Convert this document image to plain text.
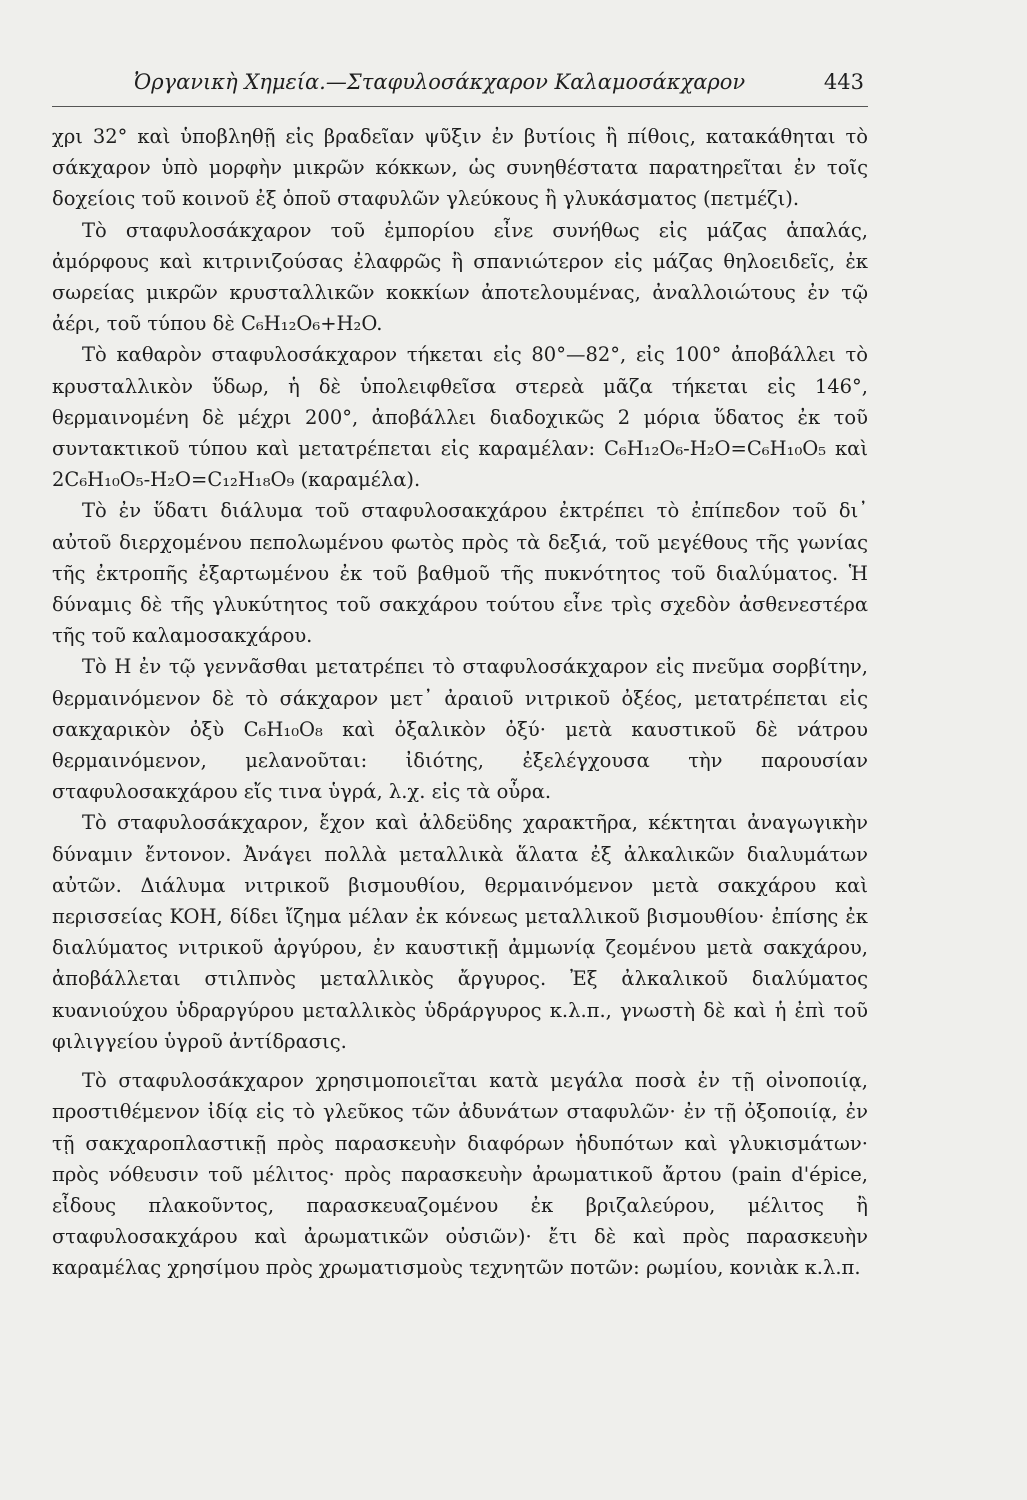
Ὀργανικὴ Χημεία.—Σταφυλοσάκχαρον Καλαμοσάκχαρον	443

χρι 32° καὶ ὑποβληθῇ εἰς βραδεῖαν ψῦξιν ἐν βυτίοις ἢ πίθοις, κατακάθηται τὸ σάκχαρον ὑπὸ μορφὴν μικρῶν κόκκων, ὡς συνηθέστατα παρατηρεῖται ἐν τοῖς δοχείοις τοῦ κοινοῦ ἐξ ὁποῦ σταφυλῶν γλεύκους ἢ γλυκάσματος (πετμέζι).

Τὸ σταφυλοσάκχαρον τοῦ ἐμπορίου εἶνε συνήθως εἰς μάζας ἁπαλάς, ἀμόρφους καὶ κιτρινιζούσας ἐλαφρῶς ἢ σπανιώτερον εἰς μάζας θηλοειδεῖς, ἐκ σωρείας μικρῶν κρυσταλλικῶν κοκκίων ἀποτελουμένας, ἀναλλοιώτους ἐν τῷ ἀέρι, τοῦ τύπου δὲ C₆H₁₂O₆+H₂O.

Τὸ καθαρὸν σταφυλοσάκχαρον τήκεται εἰς 80°—82°, εἰς 100° ἀποβάλλει τὸ κρυσταλλικὸν ὕδωρ, ἡ δὲ ὑπολειφθεῖσα στερεὰ μᾶζα τήκεται εἰς 146°, θερμαινομένη δὲ μέχρι 200°, ἀποβάλλει διαδοχικῶς 2 μόρια ὕδατος ἐκ τοῦ συντακτικοῦ τύπου καὶ μετατρέπεται εἰς καραμέλαν: C₆H₁₂O₆-H₂O=C₆H₁₀O₅ καὶ 2C₆H₁₀O₅-H₂O=C₁₂H₁₈O₉ (καραμέλα).

Τὸ ἐν ὕδατι διάλυμα τοῦ σταφυλοσακχάρου ἐκτρέπει τὸ ἐπίπεδον τοῦ δι᾿ αὐτοῦ διερχομένου πεπολωμένου φωτὸς πρὸς τὰ δεξιά, τοῦ μεγέθους τῆς γωνίας τῆς ἐκτροπῆς ἐξαρτωμένου ἐκ τοῦ βαθμοῦ τῆς πυκνότητος τοῦ διαλύματος. Ἡ δύναμις δὲ τῆς γλυκύτητος τοῦ σακχάρου τούτου εἶνε τρὶς σχεδὸν ἀσθενεστέρα τῆς τοῦ καλαμοσακχάρου.

Τὸ H ἐν τῷ γεννᾶσθαι μετατρέπει τὸ σταφυλοσάκχαρον εἰς πνεῦμα σορβίτην, θερμαινόμενον δὲ τὸ σάκχαρον μετ᾿ ἀραιοῦ νιτρικοῦ ὀξέος, μετατρέπεται εἰς σακχαρικὸν ὀξὺ C₆H₁₀O₈ καὶ ὀξαλικὸν ὀξύ· μετὰ καυστικοῦ δὲ νάτρου θερμαινόμενον, μελανοῦται: ἰδιότης, ἐξελέγχουσα τὴν παρουσίαν σταφυλοσακχάρου εἴς τινα ὑγρά, λ.χ. εἰς τὰ οὖρα.

Τὸ σταφυλοσάκχαρον, ἔχον καὶ ἀλδεϋδης χαρακτῆρα, κέκτηται ἀναγωγικὴν δύναμιν ἔντονον. Ἀνάγει πολλὰ μεταλλικὰ ἅλατα ἐξ ἀλκαλικῶν διαλυμάτων αὐτῶν. Διάλυμα νιτρικοῦ βισμουθίου, θερμαινόμενον μετὰ σακχάρου καὶ περισσείας KOH, δίδει ἴζημα μέλαν ἐκ κόνεως μεταλλικοῦ βισμουθίου· ἐπίσης ἐκ διαλύματος νιτρικοῦ ἀργύρου, ἐν καυστικῇ ἀμμωνίᾳ ζεομένου μετὰ σακχάρου, ἀποβάλλεται στιλπνὸς μεταλλικὸς ἄργυρος. Ἐξ ἀλκαλικοῦ διαλύματος κυανιούχου ὑδραργύρου μεταλλικὸς ὑδράργυρος κ.λ.π., γνωστὴ δὲ καὶ ἡ ἐπὶ τοῦ φιλιγγείου ὑγροῦ ἀντίδρασις.

Τὸ σταφυλοσάκχαρον χρησιμοποιεῖται κατὰ μεγάλα ποσὰ ἐν τῇ οἰνοποιίᾳ, προστιθέμενον ἰδίᾳ εἰς τὸ γλεῦκος τῶν ἀδυνάτων σταφυλῶν· ἐν τῇ ὀξοποιίᾳ, ἐν τῇ σακχαροπλαστικῇ πρὸς παρασκευὴν διαφόρων ἡδυπότων καὶ γλυκισμάτων· πρὸς νόθευσιν τοῦ μέλιτος· πρὸς παρασκευὴν ἀρωματικοῦ ἄρτου (pain d'épice, εἶδους πλακοῦντος, παρασκευαζομένου ἐκ βριζαλεύρου, μέλιτος ἢ σταφυλοσακχάρου καὶ ἀρωματικῶν οὐσιῶν)· ἔτι δὲ καὶ πρὸς παρασκευὴν καραμέλας χρησίμου πρὸς χρωματισμοὺς τεχνητῶν ποτῶν: ρωμίου, κονιὰκ κ.λ.π.
